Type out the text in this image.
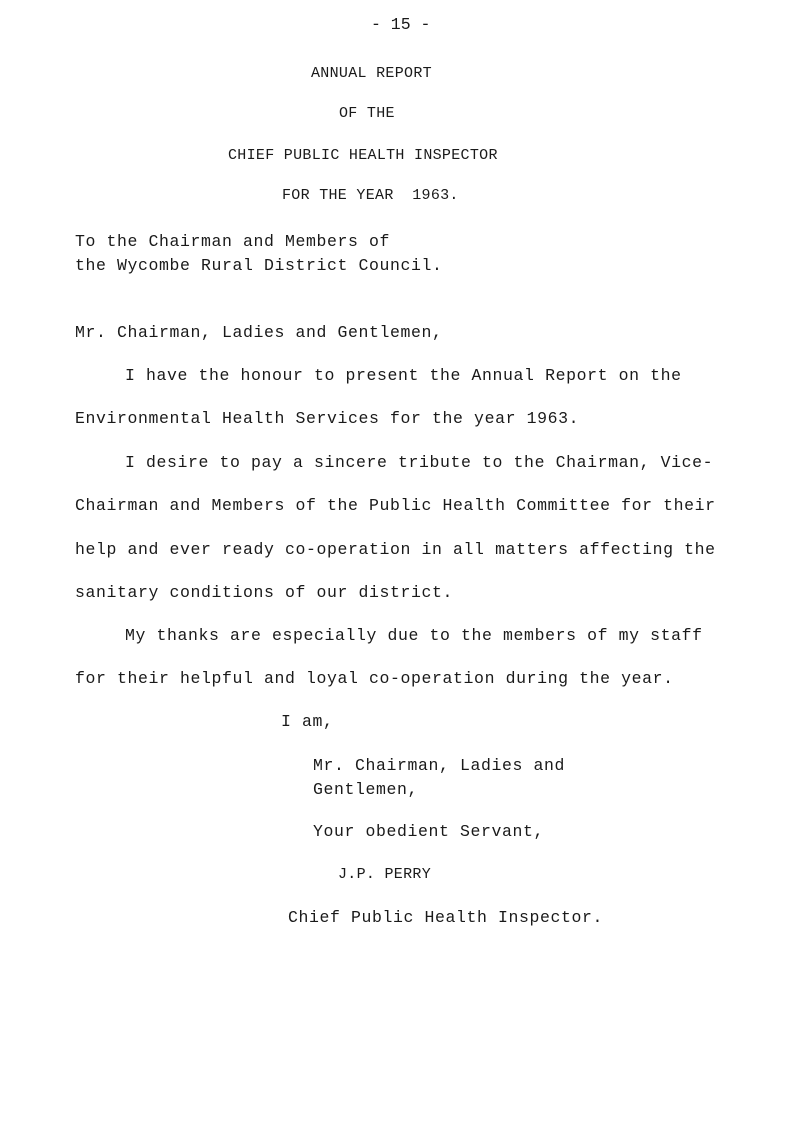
- 15 -
ANNUAL REPORT
OF THE
CHIEF PUBLIC HEALTH INSPECTOR
FOR THE YEAR  1963.
To the Chairman and Members of
the Wycombe Rural District Council.
Mr. Chairman, Ladies and Gentlemen,
I have the honour to present the Annual Report on the
Environmental Health Services for the year 1963.
I desire to pay a sincere tribute to the Chairman, Vice-
Chairman and Members of the Public Health Committee for their
help and ever ready co-operation in all matters affecting the
sanitary conditions of our district.
My thanks are especially due to the members of my staff
for their helpful and loyal co-operation during the year.
I am,
Mr. Chairman, Ladies and
Gentlemen,
Your obedient Servant,
J.P. PERRY
Chief Public Health Inspector.
